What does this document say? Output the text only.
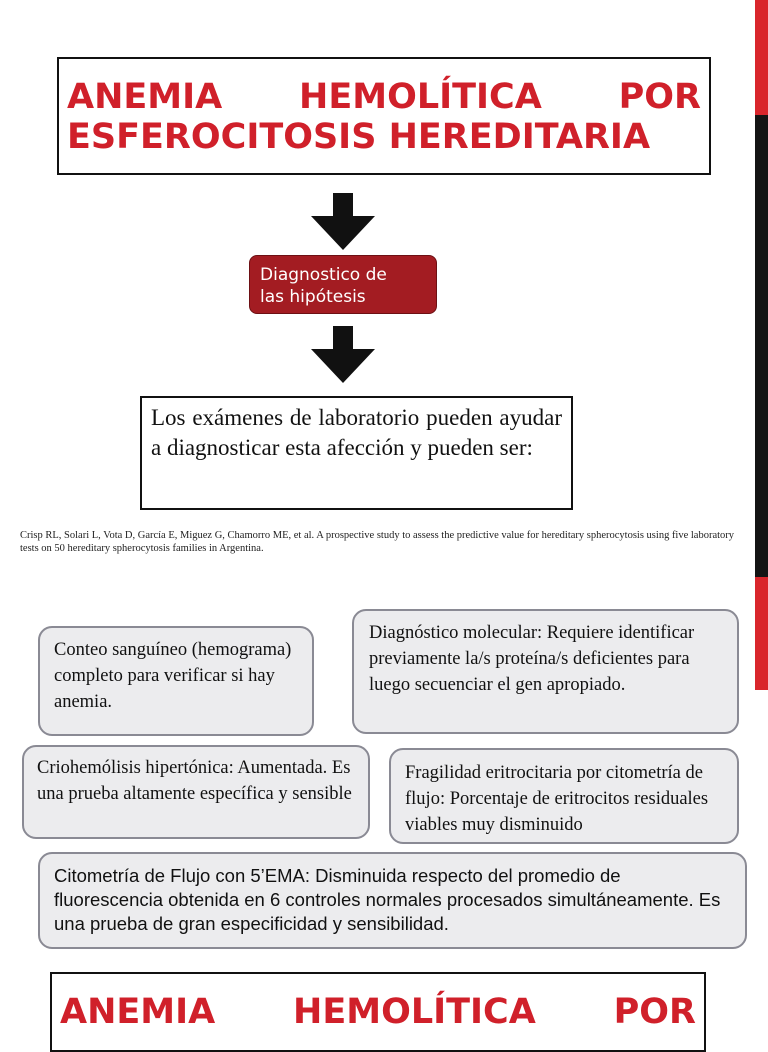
ANEMIA HEMOLÍTICA POR
ESFEROCITOSIS HEREDITARIA
Diagnostico de
las hipótesis
Los exámenes de laboratorio pueden ayudar a diagnosticar esta afección y pueden ser:
Crisp RL, Solari L, Vota D, García E, Miguez G, Chamorro ME, et al. A prospective study to assess the predictive value for hereditary spherocytosis using five laboratory tests on 50 hereditary spherocytosis families in Argentina.
Conteo sanguíneo (hemograma) completo para verificar si hay anemia.
Diagnóstico molecular: Requiere identificar previamente la/s proteína/s deficientes para luego secuenciar el gen apropiado.
Criohemólisis hipertónica: Aumentada. Es una prueba altamente específica y sensible
Fragilidad eritrocitaria por citometría de flujo: Porcentaje de eritrocitos residuales viables muy disminuido
Citometría de Flujo con 5’EMA: Disminuida respecto del promedio de fluorescencia obtenida en 6 controles normales procesados simultáneamente. Es una prueba de gran especificidad y sensibilidad.
ANEMIA HEMOLÍTICA POR
